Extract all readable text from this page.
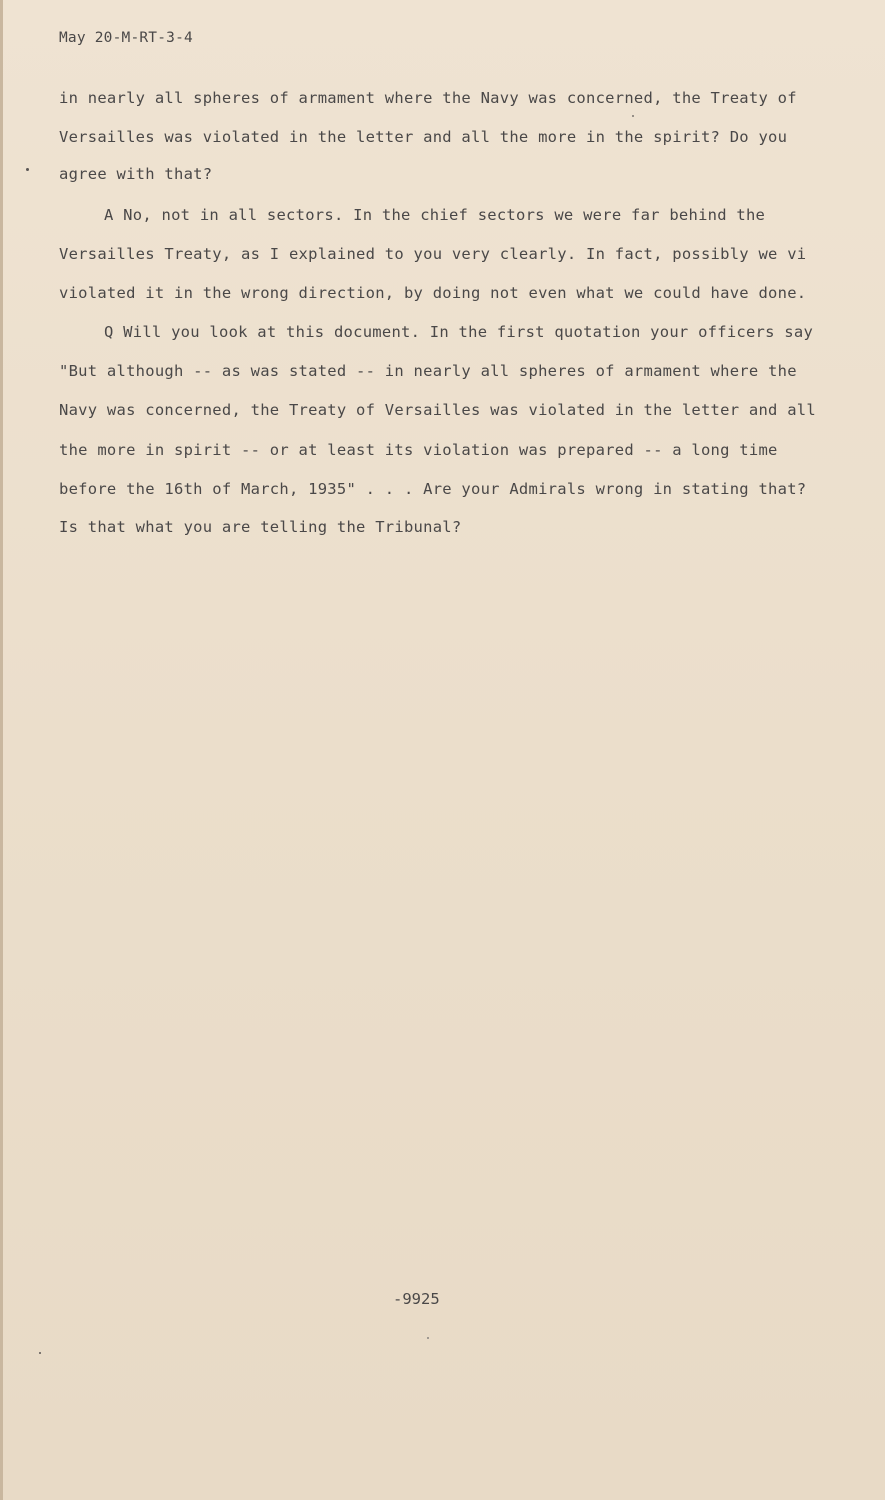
May 20-M-RT-3-4
in nearly all spheres of armament where the Navy was concerned, the Treaty of
Versailles was violated in the letter and all the more in the spirit? Do you
agree with that?
A No, not in all sectors. In the chief sectors we were far behind the
Versailles Treaty, as I explained to you very clearly. In fact, possibly we vi
violated it in the wrong direction, by doing not even what we could have done.
Q Will you look at this document. In the first quotation your officers say
"But although -- as was stated -- in nearly all spheres of armament where the
Navy was concerned, the Treaty of Versailles was violated in the letter and all
the more in spirit -- or at least its violation was prepared -- a long time
before the 16th of March, 1935" . . . Are your Admirals wrong in stating that?
Is that what you are telling the Tribunal?
-9925
